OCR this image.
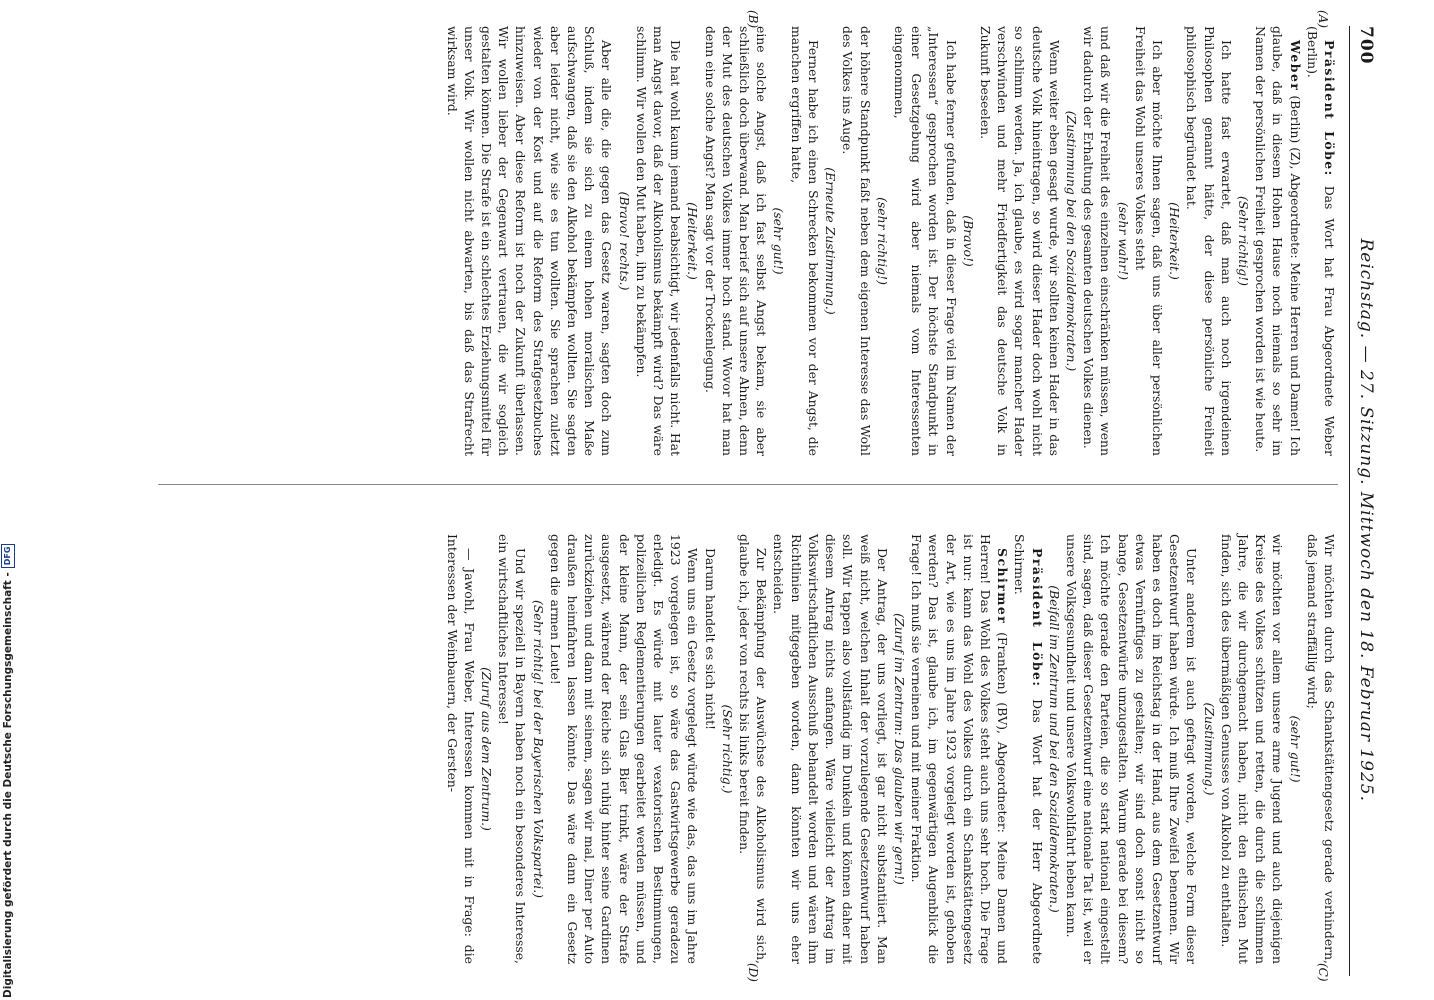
700
Reichstag. — 27. Sitzung. Mittwoch den 18. Februar 1925.
(A)
(B)
(C)
(D)

Präsident Löbe: Das Wort hat Frau Abgeordnete Weber (Berlin).

Weber (Berlin) (Z), Abgeordnete: Meine Herren und Damen! Ich glaube, daß in diesem Hohen Hause noch niemals so sehr im Namen der persönlichen Freiheit gesprochen worden ist wie heute.

(Sehr richtig!)

Ich hatte fast erwartet, daß man auch noch irgendeinen Philosophen genannt hätte, der diese persönliche Freiheit philosophisch begründet hat.

(Heiterkeit.)

Ich aber möchte Ihnen sagen, daß uns über aller persönlichen Freiheit das Wohl unseres Volkes steht

(sehr wahr!)

und daß wir die Freiheit des einzelnen einschränken müssen, wenn wir dadurch der Erhaltung des gesamten deutschen Volkes dienen.

(Zustimmung bei den Sozialdemokraten.)

Wenn weiter eben gesagt wurde, wir sollten keinen Hader in das deutsche Volk hineintragen, so wird dieser Hader doch wohl nicht so schlimm werden. Ja, ich glaube, es wird sogar mancher Hader verschwinden und mehr Friedfertigkeit das deutsche Volk in Zukunft beseelen.

(Bravo!)

Ich habe ferner gefunden, daß in dieser Frage viel im Namen der „Interessen“ gesprochen worden ist. Der höchste Standpunkt in einer Gesetzgebung wird aber niemals vom Interessenten eingenommen,

(sehr richtig!)

der höhere Standpunkt faßt neben dem eigenen Interesse das Wohl des Volkes ins Auge.

(Erneute Zustimmung.)

Ferner habe ich einen Schrecken bekommen vor der Angst, die manchen ergriffen hatte,

(sehr gut!)

eine solche Angst, daß ich fast selbst Angst bekam, sie aber schließlich doch überwand. Man berief sich auf unsere Ahnen, denn der Mut des deutschen Volkes immer hoch stand. Wovor hat man denn eine solche Angst? Man sagt vor der Trockenlegung.

(Heiterkeit.)

Die hat wohl kaum jemand beabsichtigt, wir jedenfalls nicht. Hat man Angst davor, daß der Alkoholismus bekämpft wird? Das wäre schlimm. Wir wollen den Mut haben, ihn zu bekämpfen.

(Bravo! rechts.)

Aber alle die, die gegen das Gesetz waren, sagten doch zum Schluß, indem sie sich zu einem hohen moralischen Maße aufschwangen, daß sie den Alkohol bekämpfen wollten. Sie sagten aber leider nicht, wie sie es tun wollten. Sie sprachen zuletzt wieder von der Kost und auf die Reform des Strafgesetzbuches hinzuweisen. Aber diese Reform ist noch der Zukunft überlassen. Wir wollen lieber der Gegenwart vertrauen, die wir sogleich gestalten können. Die Strafe ist ein schlechtes Erziehungsmittel für unser Volk. Wir wollen nicht abwarten, bis daß das Strafrecht wirksam wird.

Wir möchten durch das Schankstättengesetz gerade verhindern, daß jemand straffällig wird;

(sehr gut!)

wir möchten vor allem unsere arme Jugend und auch diejenigen Kreise des Volkes schützen und retten, die durch die schlimmen Jahre, die wir durchgemacht haben, nicht den ethischen Mut finden, sich des übermäßigen Genusses von Alkohol zu enthalten.

(Zustimmung.)

Unter anderem ist auch gefragt worden, welche Form dieser Gesetzentwurf haben würde. Ich muß Ihre Zweifel benennen. Wir haben es doch im Reichstag in der Hand, aus dem Gesetzentwurf etwas Vernünftiges zu gestalten; wir sind doch sonst nicht so bange, Gesetzentwürfe umzugestalten. Warum gerade bei diesem? Ich möchte gerade den Parteien, die so stark national eingestellt sind, sagen, daß dieser Gesetzentwurf eine nationale Tat ist, weil er unsere Volksgesundheit und unsere Volkswohlfahrt heben kann.

(Beifall im Zentrum und bei den Sozialdemokraten.)

Präsident Löbe: Das Wort hat der Herr Abgeordnete Schirmer.

Schirmer (Franken) (BV), Abgeordneter: Meine Damen und Herren! Das Wohl des Volkes steht auch uns sehr hoch. Die Frage ist nur: kann das Wohl des Volkes durch ein Schankstättengesetz der Art, wie es uns im Jahre 1923 vorgelegt worden ist, gehoben werden? Das ist, glaube ich, im gegenwärtigen Augenblick die Frage! Ich muß sie verneinen und mit meiner Fraktion.

(Zuruf im Zentrum: Das glauben wir gern!)

Der Antrag, der uns vorliegt, ist gar nicht substantiiert. Man weiß nicht, welchen Inhalt der vorzulegende Gesetzentwurf haben soll. Wir tappen also vollständig im Dunkeln und können daher mit diesem Antrag nichts anfangen. Wäre vielleicht der Antrag im Volkswirtschaftlichen Ausschuß behandelt worden und wären ihm Richtlinien mitgegeben worden, dann könnten wir uns eher entscheiden.

Zur Bekämpfung der Auswüchse des Alkoholismus wird sich, glaube ich, jeder von rechts bis links bereit finden.

(Sehr richtig.)

Darum handelt es sich nicht!

Wenn uns ein Gesetz vorgelegt würde wie das, das uns im Jahre 1923 vorgelegen ist, so wäre das Gastwirtsgewerbe geradezu erledigt. Es würde mit lauter vexatorischen Bestimmungen, polizeilichen Reglementierungen gearbeitet werden müssen, und der kleine Mann, der sein Glas Bier trinkt, wäre der Strafe ausgesetzt, während der Reiche sich ruhig hinter seine Gardinen zurückziehen und dann mit seinem, sagen wir mal, Diner per Auto draußen heimfahren lassen könnte. Das wäre dann ein Gesetz gegen die armen Leute!

(Sehr richtig! bei der Bayerischen Volkspartei.)

Und wir speziell in Bayern haben noch ein besonderes Interesse, ein wirtschaftliches Interesse!

(Zuruf aus dem Zentrum.)

— Jawohl, Frau Weber, Interessen kommen mit in Frage: die Interessen der Weinbauern, der Gersten-

Digitalisierung gefördert durch die Deutsche Forschungsgemeinschaft -
DFG
